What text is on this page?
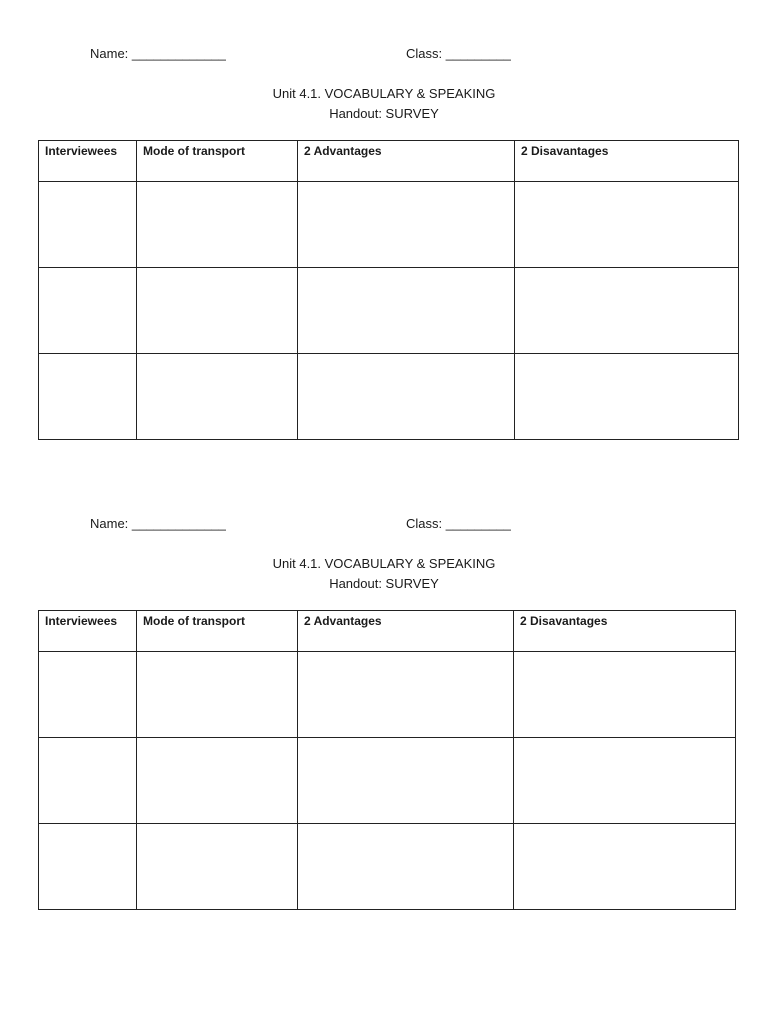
Name: _____________	Class: _________
Unit 4.1. VOCABULARY & SPEAKING
Handout: SURVEY
Interviewees	Mode of transport	2 Advantages	2 Disavantages

Name: _____________	Class: _________
Unit 4.1. VOCABULARY & SPEAKING
Handout: SURVEY
Interviewees	Mode of transport	2 Advantages	2 Disavantages
